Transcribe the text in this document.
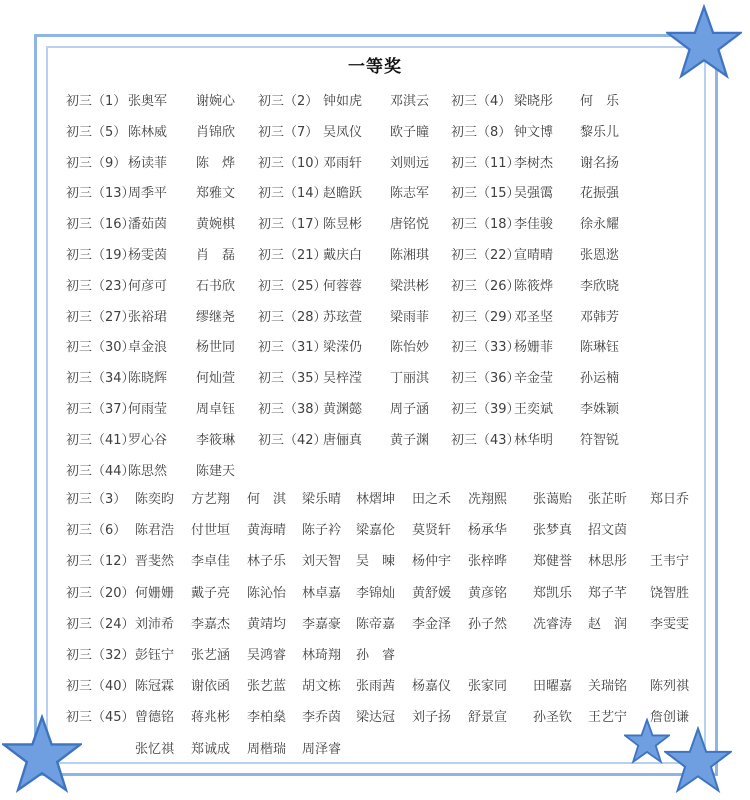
一等奖
初三（1） 张奥军 谢婉心 初三（2） 钟如虎 邓淇云 初三（4） 梁晓彤 何　乐
初三（5） 陈林威 肖锦欣 初三（7） 吴凤仪 欧子瞳 初三（8） 钟文博 黎乐儿
初三（9） 杨读菲 陈　烨 初三（10）
邓雨轩 刘则远 初三（11）
李树杰 谢名扬
初三（13）
周季平 郑雅文 初三（14）
赵瞻跃 陈志军 初三（15）
吴强霭 花振强
初三（16）
潘茹茵 黄婉棋 初三（17）
陈昱彬 唐铭悦 初三（18）
李佳骏 徐永耀
初三（19）
杨雯茵 肖　磊 初三（21）
戴庆白 陈湘琪 初三（22）
宣晴晴 张恩逖
初三（23）
何彦可 石书欣 初三（25）
何蓉蓉 梁洪彬 初三（26）
陈筱烨 李欣晓
初三（27）
张裕珺 缪继尧 初三（28）
苏玹萱 梁雨菲 初三（29）
邓圣坚 邓韩芳
初三（30）
卓金浪 杨世同 初三（31）
梁溁仍 陈怡妙 初三（33）
杨姗菲 陈琳钰
初三（34）
陈晓辉 何灿萱 初三（35）
吴梓滢 丁丽淇 初三（36）
辛金莹 孙运楠
初三（37）
何雨莹 周卓钰 初三（38）
黄渊懿 周子涵 初三（39）
王奕斌 李姝颖
初三（41）
罗心谷 李筱琳 初三（42）
唐俪真 黄子渊 初三（43）
林华明 符智锐
初三（44）
陈思然 陈建天
初三（3） 陈奕昀 方艺翔 何　淇 梁乐晴 林熠坤 田之禾 冼翔熙 张蔼贻 张芷昕 郑日乔
初三（6） 陈君浩 付世垣 黄海晴 陈子衿 梁嘉伦 莫贤轩 杨承华 张梦真 招文茵
初三（12） 晋斐然 李卓佳 林子乐 刘天智 吴　暕 杨仲宇 张梓晔 郑健誉 林思彤 王韦宁
初三（20） 何姗姗 戴子亮 陈沁怡 林卓嘉 李锦灿 黄舒媛 黄彦铭 郑凯乐 郑子芊 饶智胜
初三（24） 刘沛希 李嘉杰 黄靖均 李嘉豪 陈帝嘉 李金泽 孙子然 冼睿涛 赵　润 李雯雯
初三（32） 彭钰宁 张艺涵 吴鸿睿 林琦翔 孙　睿
初三（40） 陈冠霖 谢依函 张艺蓝 胡文栋 张雨茜 杨嘉仪 张家同 田曜嘉 关瑞铭 陈列祺
初三（45） 曾德铭 蒋兆彬 李柏燊 李乔茵 梁达冠 刘子扬 舒景宣 孙圣钦 王艺宁 詹创谦
张忆祺 郑诚成 周楷瑞 周泽睿
